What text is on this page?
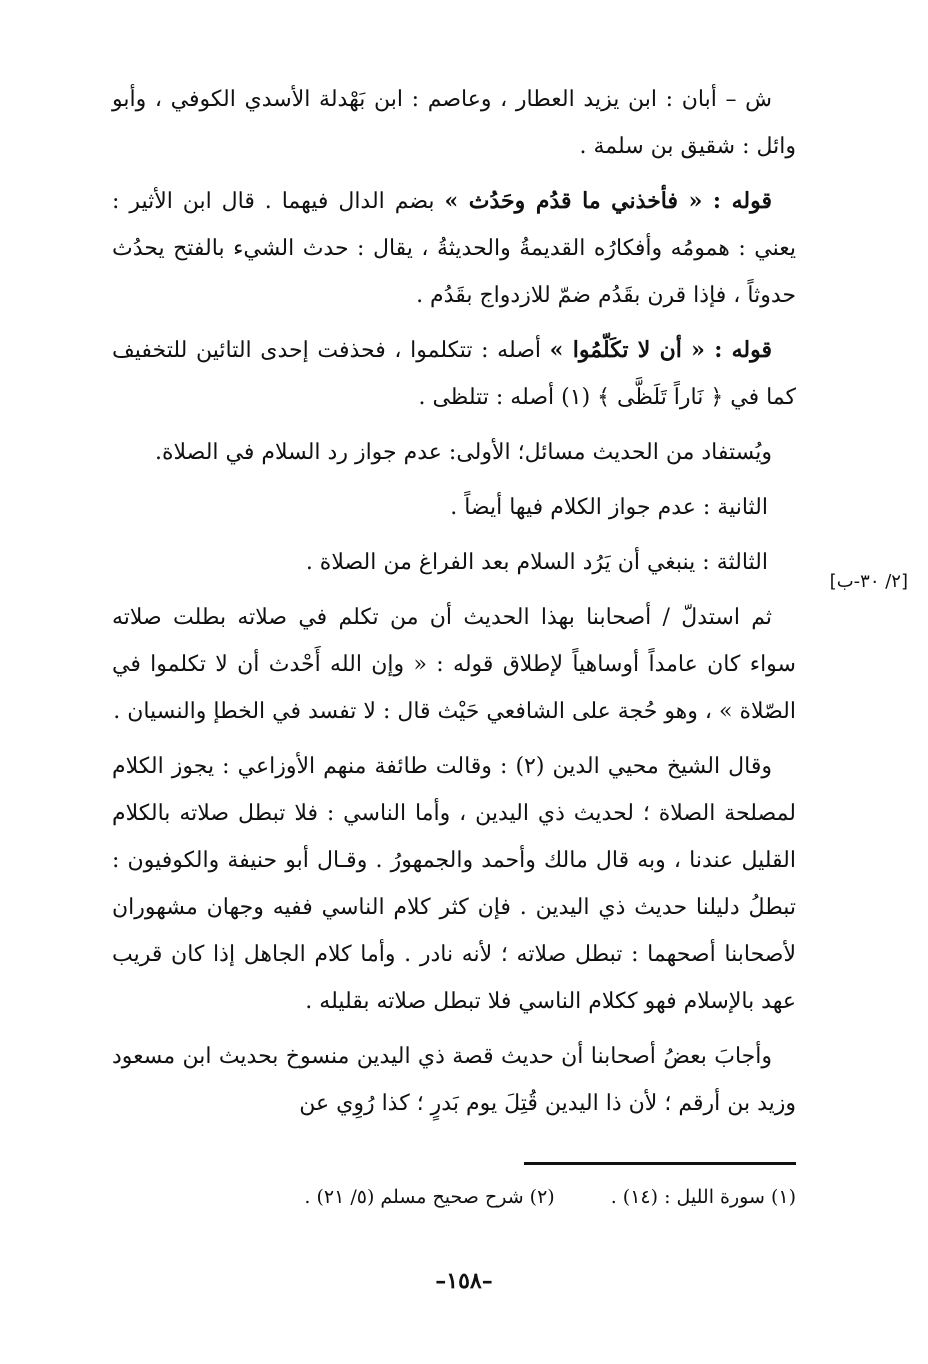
ش – أبان : ابن يزيد العطار ، وعاصم : ابن بَهْدلة الأسدي الكوفي ، وأبو وائل : شقيق بن سلمة .

قوله : « فأخذني ما قدُم وحَدُث » بضم الدال فيهما . قال ابن الأثير : يعني : همومُه وأفكارُه القديمةُ والحديثةُ ، يقال : حدث الشيء بالفتح يحدُث حدوثاً ، فإذا قرن بقَدُم ضمّ للازدواج بقَدُم .

قوله : « أن لا تكَلّمُوا » أصله : تتكلموا ، فحذفت إحدى التائين للتخفيف كما في ﴿ نَاراً تَلَظَّى ﴾ (١) أصله : تتلظى .

ويُستفاد من الحديث مسائل؛ الأولى: عدم جواز رد السلام في الصلاة.

الثانية : عدم جواز الكلام فيها أيضاً .

الثالثة : ينبغي أن يَرُد السلام بعد الفراغ من الصلاة .

ثم استدلّ / أصحابنا بهذا الحديث أن من تكلم في صلاته بطلت صلاته سواء كان عامداً أوساهياً لإطلاق قوله : « وإن الله أَحْدث أن لا تكلموا في الصّلاة » ، وهو حُجة على الشافعي حَيْث قال : لا تفسد في الخطإ والنسيان .

وقال الشيخ محيي الدين (٢) : وقالت طائفة منهم الأوزاعي : يجوز الكلام لمصلحة الصلاة ؛ لحديث ذي اليدين ، وأما الناسي : فلا تبطل صلاته بالكلام القليل عندنا ، وبه قال مالك وأحمد والجمهورُ . وقـال أبو حنيفة والكوفيون : تبطلُ دليلنا حديث ذي اليدين . فإن كثر كلام الناسي ففيه وجهان مشهوران لأصحابنا أصحهما : تبطل صلاته ؛ لأنه نادر . وأما كلام الجاهل إذا كان قريب عهد بالإسلام فهو ككلام الناسي فلا تبطل صلاته بقليله .

وأجابَ بعضُ أصحابنا أن حديث قصة ذي اليدين منسوخ بحديث ابن مسعود وزيد بن أرقم ؛ لأن ذا اليدين قُتِلَ يوم بَدرٍ ؛ كذا رُوِي عن

[٢/ ٣٠-ب]
(١) سورة الليل : (١٤) .
(٢) شرح صحيح مسلم (٥/ ٢١) .
–١٥٨–
